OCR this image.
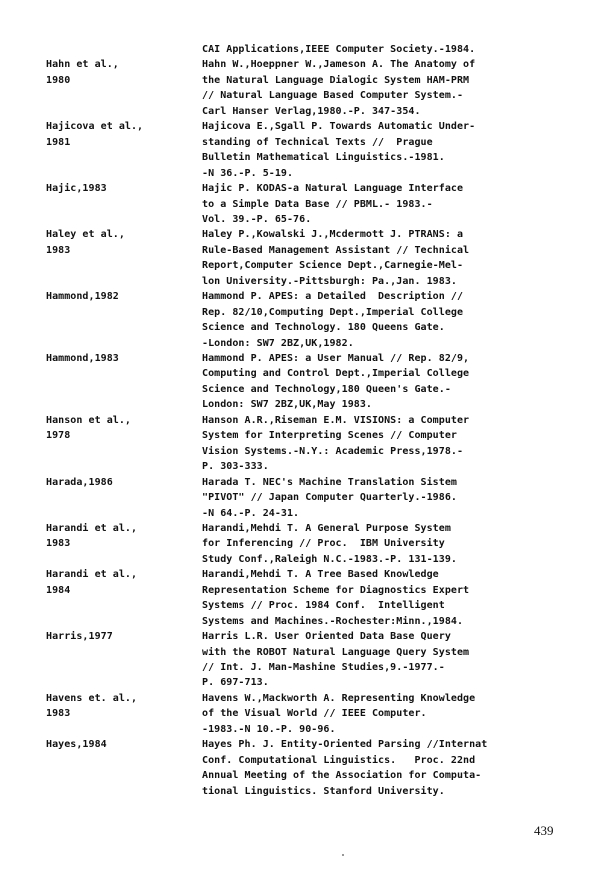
CAI Applications,IEEE Computer Society.-1984.
Hahn et al.,	Hahn W.,Hoeppner W.,Jameson A. The Anatomy of
1980	the Natural Language Dialogic System HAM-PRM
// Natural Language Based Computer System.-
Carl Hanser Verlag,1980.-P. 347-354.
Hajicova et al.,	Hajicova E.,Sgall P. Towards Automatic Under-
1981	standing of Technical Texts //  Prague
Bulletin Mathematical Linguistics.-1981.
-N 36.-P. 5-19.
Hajic,1983	Hajic P. KODAS-a Natural Language Interface
to a Simple Data Base // PBML.- 1983.-
Vol. 39.-P. 65-76.
Haley et al.,	Haley P.,Kowalski J.,Mcdermott J. PTRANS: a
1983	Rule-Based Management Assistant // Technical
Report,Computer Science Dept.,Carnegie-Mel-
lon University.-Pittsburgh: Pa.,Jan. 1983.
Hammond,1982	Hammond P. APES: a Detailed  Description //
Rep. 82/10,Computing Dept.,Imperial College
Science and Technology. 180 Queens Gate.
-London: SW7 2BZ,UK,1982.
Hammond,1983	Hammond P. APES: a User Manual // Rep. 82/9,
Computing and Control Dept.,Imperial College
Science and Technology,180 Queen's Gate.-
London: SW7 2BZ,UK,May 1983.
Hanson et al.,	Hanson A.R.,Riseman E.M. VISIONS: a Computer
1978	System for Interpreting Scenes // Computer
Vision Systems.-N.Y.: Academic Press,1978.-
P. 303-333.
Harada,1986	Harada T. NEC's Machine Translation Sistem
"PIVOT" // Japan Computer Quarterly.-1986.
-N 64.-P. 24-31.
Harandi et al.,	Harandi,Mehdi T. A General Purpose System
1983	for Inferencing // Proc.  IBM University
Study Conf.,Raleigh N.C.-1983.-P. 131-139.
Harandi et al.,	Harandi,Mehdi T. A Tree Based Knowledge
1984	Representation Scheme for Diagnostics Expert
Systems // Proc. 1984 Conf.  Intelligent
Systems and Machines.-Rochester:Minn.,1984.
Harris,1977	Harris L.R. User Oriented Data Base Query
with the ROBOT Natural Language Query System
// Int. J. Man-Mashine Studies,9.-1977.-
P. 697-713.
Havens et. al.,	Havens W.,Mackworth A. Representing Knowledge
1983	of the Visual World // IEEE Computer.
-1983.-N 10.-P. 90-96.
Hayes,1984	Hayes Ph. J. Entity-Oriented Parsing //Internat
Conf. Computational Linguistics.   Proc. 22nd
Annual Meeting of the Association for Computa-
tional Linguistics. Stanford University.
439
